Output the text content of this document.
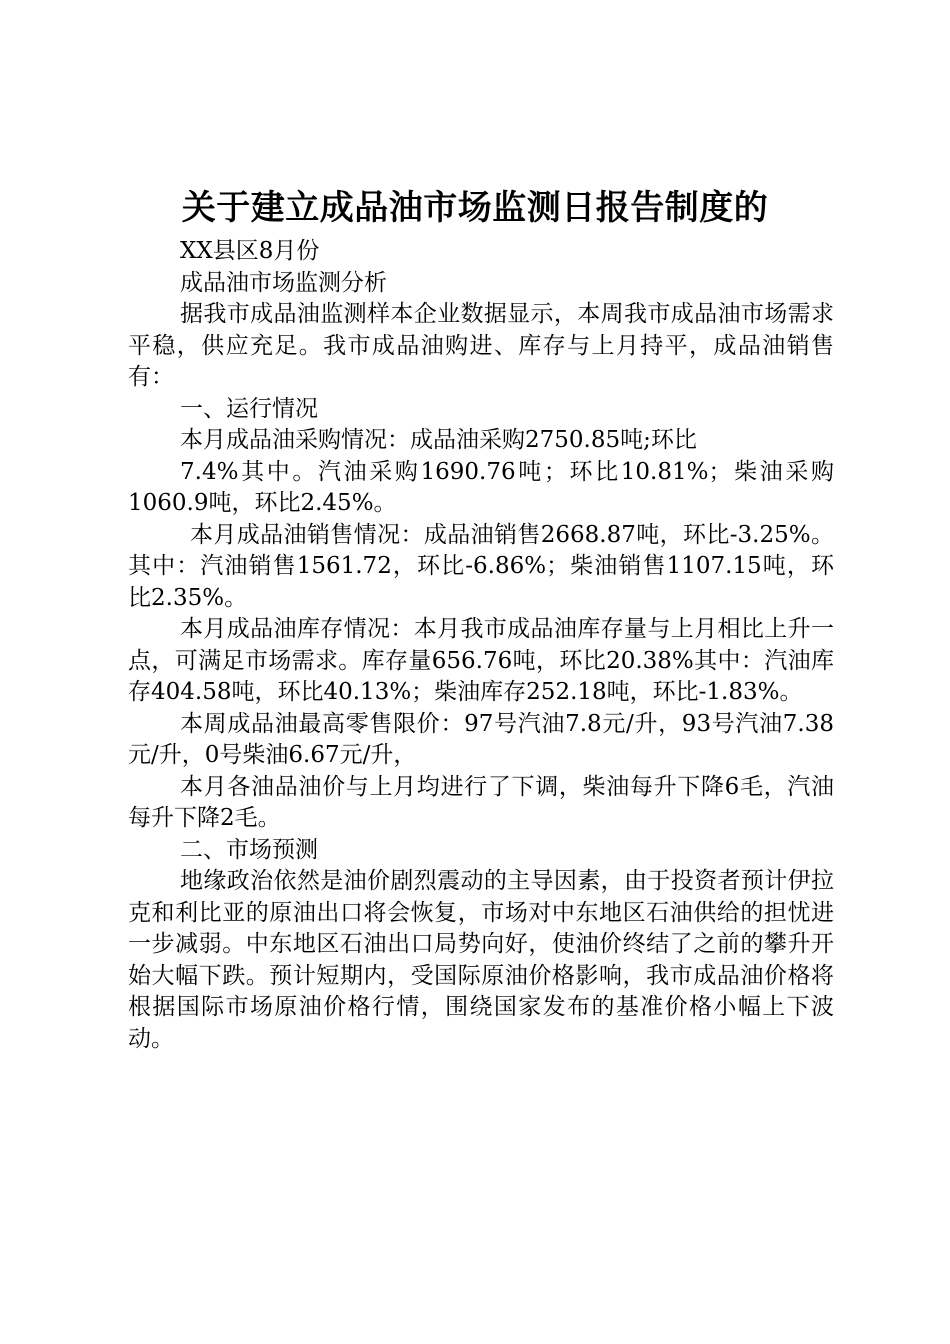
关于建立成品油市场监测日报告制度的

XX县区8月份

成品油市场监测分析

据我市成品油监测样本企业数据显示，本周我市成品油市场需求平稳，供应充足。我市成品油购进、库存与上月持平，成品油销售有：

一、运行情况

本月成品油采购情况：成品油采购2750.85吨;环比

7.4%其中。汽油采购1690.76吨；环比10.81%；柴油采购1060.9吨，环比2.45%。

本月成品油销售情况：成品油销售2668.87吨，环比-3.25%。其中：汽油销售1561.72，环比-6.86%；柴油销售1107.15吨，环比2.35%。

本月成品油库存情况：本月我市成品油库存量与上月相比上升一点，可满足市场需求。库存量656.76吨，环比20.38%其中：汽油库存404.58吨，环比40.13%；柴油库存252.18吨，环比-1.83%。

本周成品油最高零售限价：97号汽油7.8元/升，93号汽油7.38元/升，0号柴油6.67元/升，

本月各油品油价与上月均进行了下调，柴油每升下降6毛，汽油每升下降2毛。

二、市场预测

地缘政治依然是油价剧烈震动的主导因素，由于投资者预计伊拉克和利比亚的原油出口将会恢复，市场对中东地区石油供给的担忧进一步减弱。中东地区石油出口局势向好，使油价终结了之前的攀升开始大幅下跌。预计短期内，受国际原油价格影响，我市成品油价格将根据国际市场原油价格行情，围绕国家发布的基准价格小幅上下波动。
